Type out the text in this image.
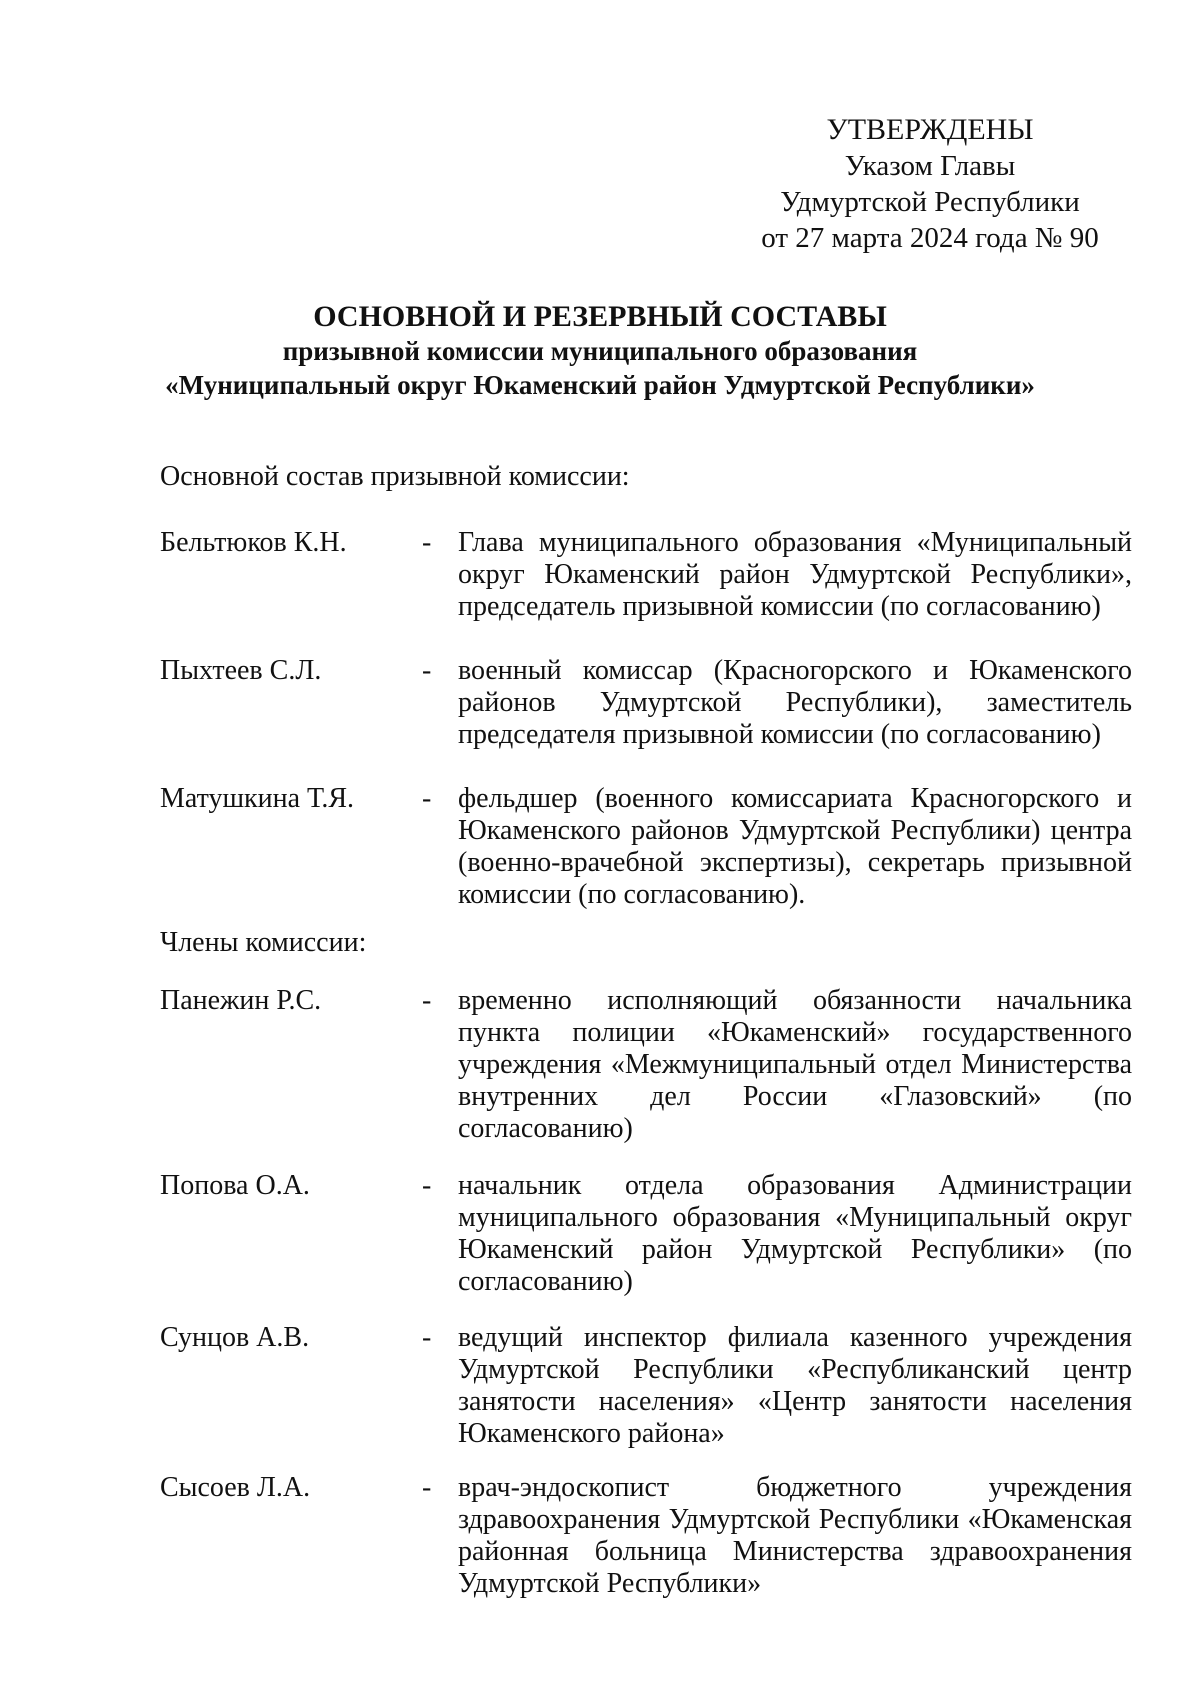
УТВЕРЖДЕНЫ
Указом Главы
Удмуртской Республики
от 27 марта 2024 года № 90
ОСНОВНОЙ И РЕЗЕРВНЫЙ СОСТАВЫ
призывной комиссии муниципального образования
«Муниципальный округ Юкаменский район Удмуртской Республики»
Основной состав призывной комиссии:
Бельтюков К.Н.	- Глава муниципального образования «Муниципальный округ Юкаменский район Удмуртской Республики», председатель призывной комиссии (по согласованию)
Пыхтеев С.Л.	- военный комиссар (Красногорского и Юкаменского районов Удмуртской Республики), заместитель председателя призывной комиссии (по согласованию)
Матушкина Т.Я.	- фельдшер (военного комиссариата Красногорского и Юкаменского районов Удмуртской Республики) центра (военно-врачебной экспертизы), секретарь призывной комиссии (по согласованию).
Члены комиссии:
Панежин Р.С.	- временно исполняющий обязанности начальника пункта полиции «Юкаменский» государственного учреждения «Межмуниципальный отдел Министерства внутренних дел России «Глазовский» (по согласованию)
Попова О.А.	- начальник отдела образования Администрации муниципального образования «Муниципальный округ Юкаменский район Удмуртской Республики» (по согласованию)
Сунцов А.В.	- ведущий инспектор филиала казенного учреждения Удмуртской Республики «Республиканский центр занятости населения» «Центр занятости населения Юкаменского района»
Сысоев Л.А.	- врач-эндоскопист бюджетного учреждения здравоохранения Удмуртской Республики «Юкаменская районная больница Министерства здравоохранения Удмуртской Республики»
